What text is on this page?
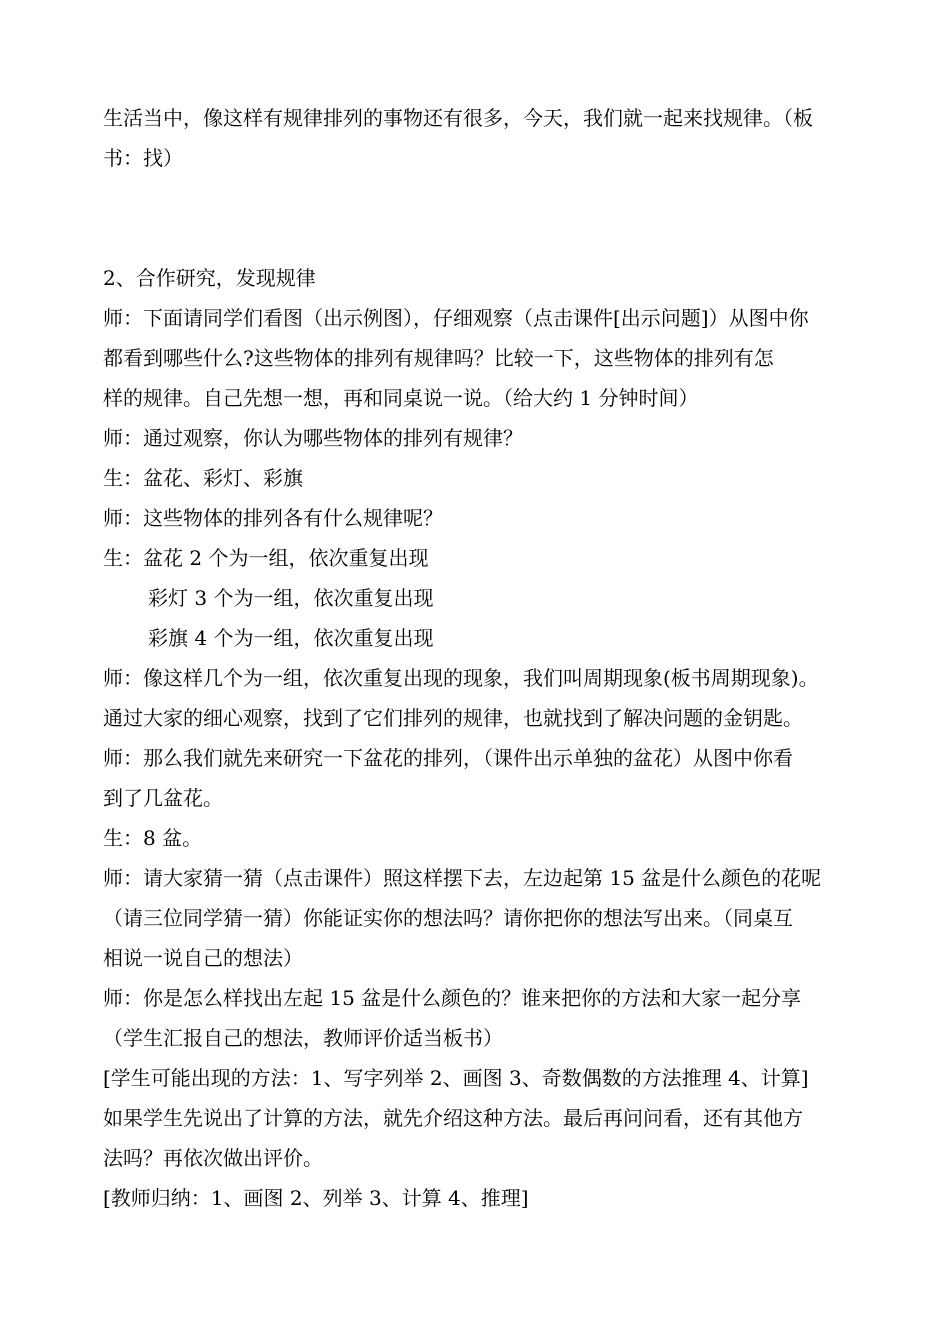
生活当中，像这样有规律排列的事物还有很多，今天，我们就一起来找规律。（板
书：找）
2、合作研究，发现规律
师：下面请同学们看图（出示例图），仔细观察（点击课件[出示问题]）从图中你
都看到哪些什么?这些物体的排列有规律吗？比较一下，这些物体的排列有怎
样的规律。自己先想一想，再和同桌说一说。（给大约 1 分钟时间）
师：通过观察，你认为哪些物体的排列有规律？
生：盆花、彩灯、彩旗
师：这些物体的排列各有什么规律呢？
生：盆花 2 个为一组，依次重复出现
彩灯 3 个为一组，依次重复出现
彩旗 4 个为一组，依次重复出现
师：像这样几个为一组，依次重复出现的现象，我们叫周期现象(板书周期现象)。
通过大家的细心观察，找到了它们排列的规律，也就找到了解决问题的金钥匙。
师：那么我们就先来研究一下盆花的排列，（课件出示单独的盆花）从图中你看
到了几盆花。
生：8 盆。
师：请大家猜一猜（点击课件）照这样摆下去，左边起第 15 盆是什么颜色的花呢
（请三位同学猜一猜）你能证实你的想法吗？请你把你的想法写出来。（同桌互
相说一说自己的想法）
师：你是怎么样找出左起 15 盆是什么颜色的？谁来把你的方法和大家一起分享
（学生汇报自己的想法，教师评价适当板书）
[学生可能出现的方法：1、写字列举 2、画图 3、奇数偶数的方法推理 4、计算]
如果学生先说出了计算的方法，就先介绍这种方法。最后再问问看，还有其他方
法吗？再依次做出评价。
[教师归纳：1、画图 2、列举 3、计算 4、推理]
